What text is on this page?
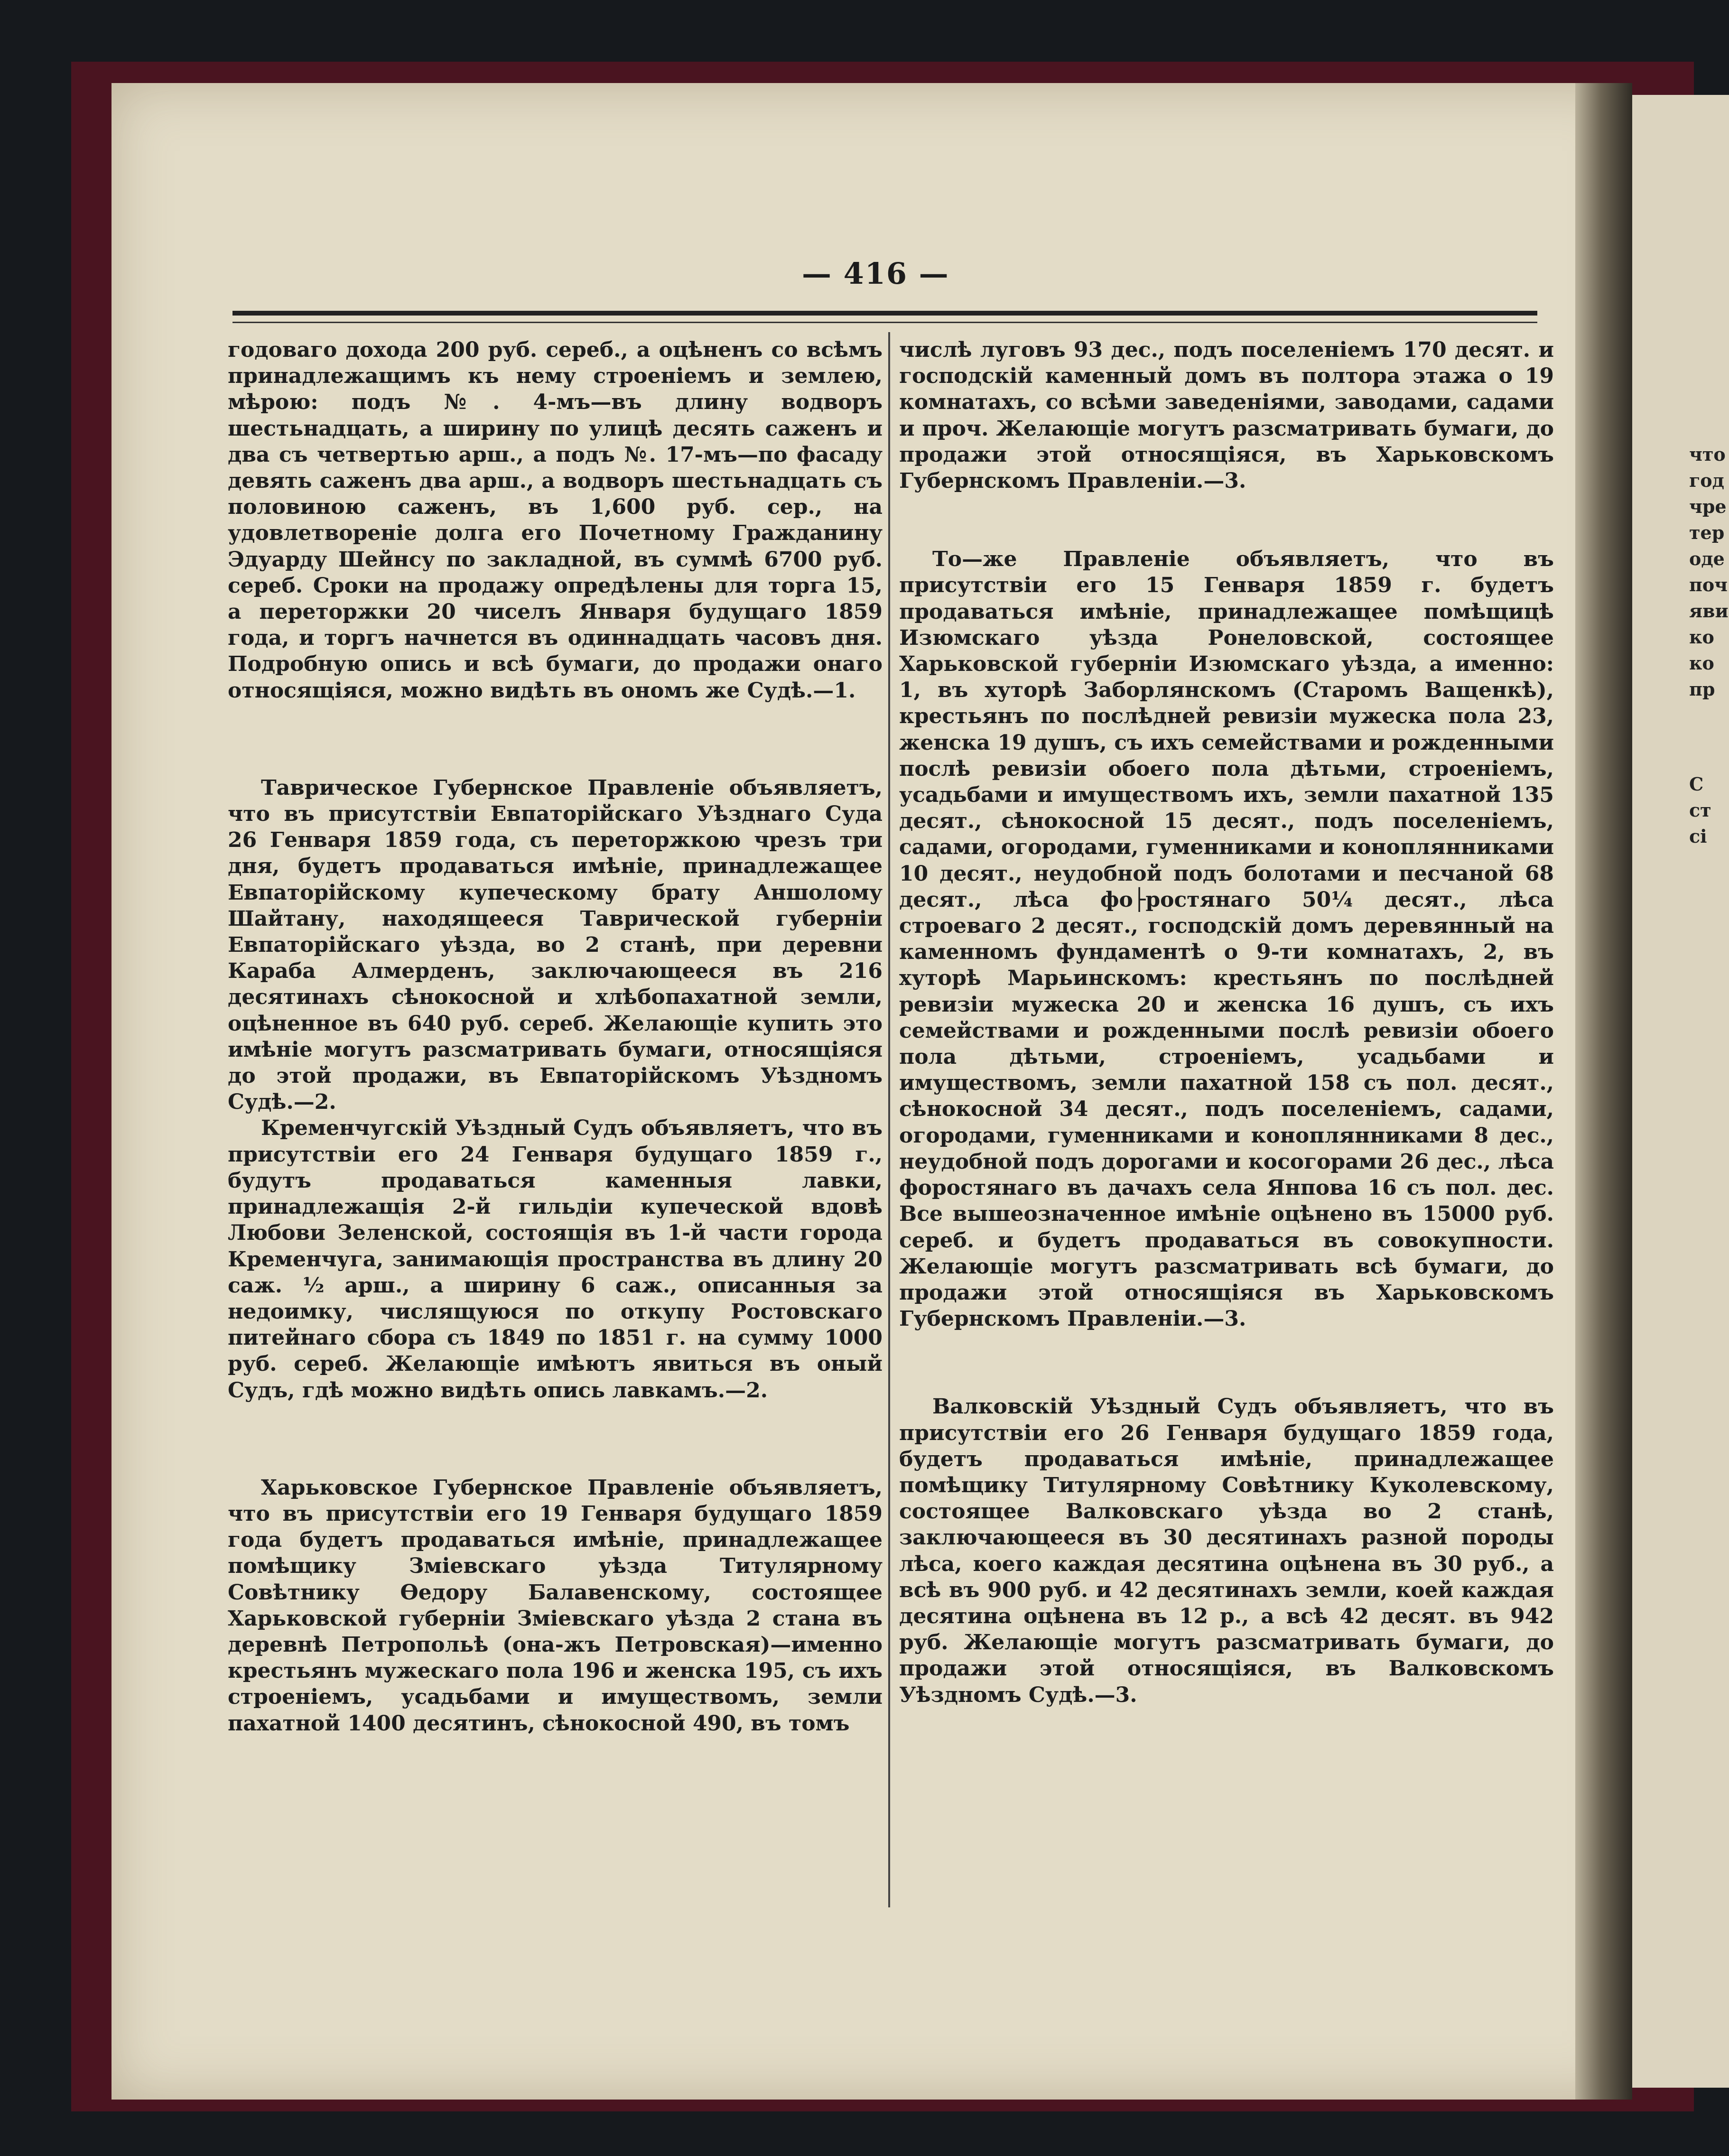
что
год
чре
тер
оде
поч
яви
ко
ко
пр
С
ст
сі
— 416 —

годоваго дохода 200 руб. сереб., а оцѣненъ со всѣмъ принадлежащимъ къ нему строеніемъ и землею, мѣрою: подъ №. 4-мъ—въ длину водворъ шестьнадцать, а ширину по улицѣ десять саженъ и два съ четвертью арш., а подъ №. 17-мъ—по фасаду девять саженъ два арш., а водворъ шестьнадцать съ половиною саженъ, въ 1,600 руб. сер., на удовлетвореніе долга его Почетному Гражданину Эдуарду Шейнсу по закладной, въ суммѣ 6700 руб. сереб. Сроки на продажу опредѣлены для торга 15, а переторжки 20 чиселъ Января будущаго 1859 года, и торгъ начнется въ одиннадцать часовъ дня. Подробную опись и всѣ бумаги, до продажи онаго относящіяся, можно видѣть въ ономъ же Судѣ.—1.

Таврическое Губернское Правленіе объявляетъ, что въ присутствіи Евпаторійскаго Уѣзднаго Суда 26 Генваря 1859 года, съ переторжкою чрезъ три дня, будетъ продаваться имѣніе, принадлежащее Евпаторійскому купеческому брату Аншолому Шайтану, находящееся Таврической губерніи Евпаторійскаго уѣзда, во 2 станѣ, при деревни Караба Алмерденъ, заключающееся въ 216 десятинахъ сѣнокосной и хлѣбопахатной земли, оцѣненное въ 640 руб. сереб. Желающіе купить это имѣніе могутъ разсматривать бумаги, относящіяся до этой продажи, въ Евпаторійскомъ Уѣздномъ Судѣ.—2.

Кременчугскій Уѣздный Судъ объявляетъ, что въ присутствіи его 24 Генваря будущаго 1859 г., будутъ продаваться каменныя лавки, принадлежащія 2-й гильдіи купеческой вдовѣ Любови Зеленской, состоящія въ 1-й части города Кременчуга, занимающія пространства въ длину 20 саж. ½ арш., а ширину 6 саж., описанныя за недоимку, числящуюся по откупу Ростовскаго питейнаго сбора съ 1849 по 1851 г. на сумму 1000 руб. сереб. Желающіе имѣютъ явиться въ оный Судъ, гдѣ можно видѣть опись лавкамъ.—2.

Харьковское Губернское Правленіе объявляетъ, что въ присутствіи его 19 Генваря будущаго 1859 года будетъ продаваться имѣніе, принадлежащее помѣщику Зміевскаго уѣзда Титулярному Совѣтнику Ѳедору Балавенскому, состоящее Харьковской губерніи Зміевскаго уѣзда 2 стана въ деревнѣ Петропольѣ (она-жъ Петровская)—именно крестьянъ мужескаго пола 196 и женска 195, съ ихъ строеніемъ, усадьбами и имуществомъ, земли пахатной 1400 десятинъ, сѣнокосной 490, въ томъ

числѣ луговъ 93 дес., подъ поселеніемъ 170 десят. и господскій каменный домъ въ полтора этажа о 19 комнатахъ, со всѣми заведеніями, заводами, садами и проч. Желающіе могутъ разсматривать бумаги, до продажи этой относящіяся, въ Харьковскомъ Губернскомъ Правленіи.—3.

То—же Правленіе объявляетъ, что въ присутствіи его 15 Генваря 1859 г. будетъ продаваться имѣніе, принадлежащее помѣщицѣ Изюмскаго уѣзда Ронеловской, состоящее Харьковской губерніи Изюмскаго уѣзда, а именно: 1, въ хуторѣ Заборлянскомъ (Старомъ Ващенкѣ), крестьянъ по послѣдней ревизіи мужеска пола 23, женска 19 душъ, съ ихъ семействами и рожденными послѣ ревизіи обоего пола дѣтьми, строеніемъ, усадьбами и имуществомъ ихъ, земли пахатной 135 десят., сѣнокосной 15 десят., подъ поселеніемъ, садами, огородами, гуменниками и коноплянниками 10 десят., неудобной подъ болотами и песчаной 68 десят., лѣса фо├ростянаго 50¼ десят., лѣса строеваго 2 десят., господскій домъ деревянный на каменномъ фундаментѣ о 9-ти комнатахъ, 2, въ хуторѣ Марьинскомъ: крестьянъ по послѣдней ревизіи мужеска 20 и женска 16 душъ, съ ихъ семействами и рожденными послѣ ревизіи обоего пола дѣтьми, строеніемъ, усадьбами и имуществомъ, земли пахатной 158 съ пол. десят., сѣнокосной 34 десят., подъ поселеніемъ, садами, огородами, гуменниками и коноплянниками 8 дес., неудобной подъ дорогами и косогорами 26 дес., лѣса форостянаго въ дачахъ села Янпова 16 съ пол. дес. Все вышеозначенное имѣніе оцѣнено въ 15000 руб. сереб. и будетъ продаваться въ совокупности. Желающіе могутъ разсматривать всѣ бумаги, до продажи этой относящіяся въ Харьковскомъ Губернскомъ Правленіи.—3.

Валковскій Уѣздный Судъ объявляетъ, что въ присутствіи его 26 Генваря будущаго 1859 года, будетъ продаваться имѣніе, принадлежащее помѣщику Титулярному Совѣтнику Куколевскому, состоящее Валковскаго уѣзда во 2 станѣ, заключающееся въ 30 десятинахъ разной породы лѣса, коего каждая десятина оцѣнена въ 30 руб., а всѣ въ 900 руб. и 42 десятинахъ земли, коей каждая десятина оцѣнена въ 12 р., а всѣ 42 десят. въ 942 руб. Желающіе могутъ разсматривать бумаги, до продажи этой относящіяся, въ Валковскомъ Уѣздномъ Судѣ.—3.
